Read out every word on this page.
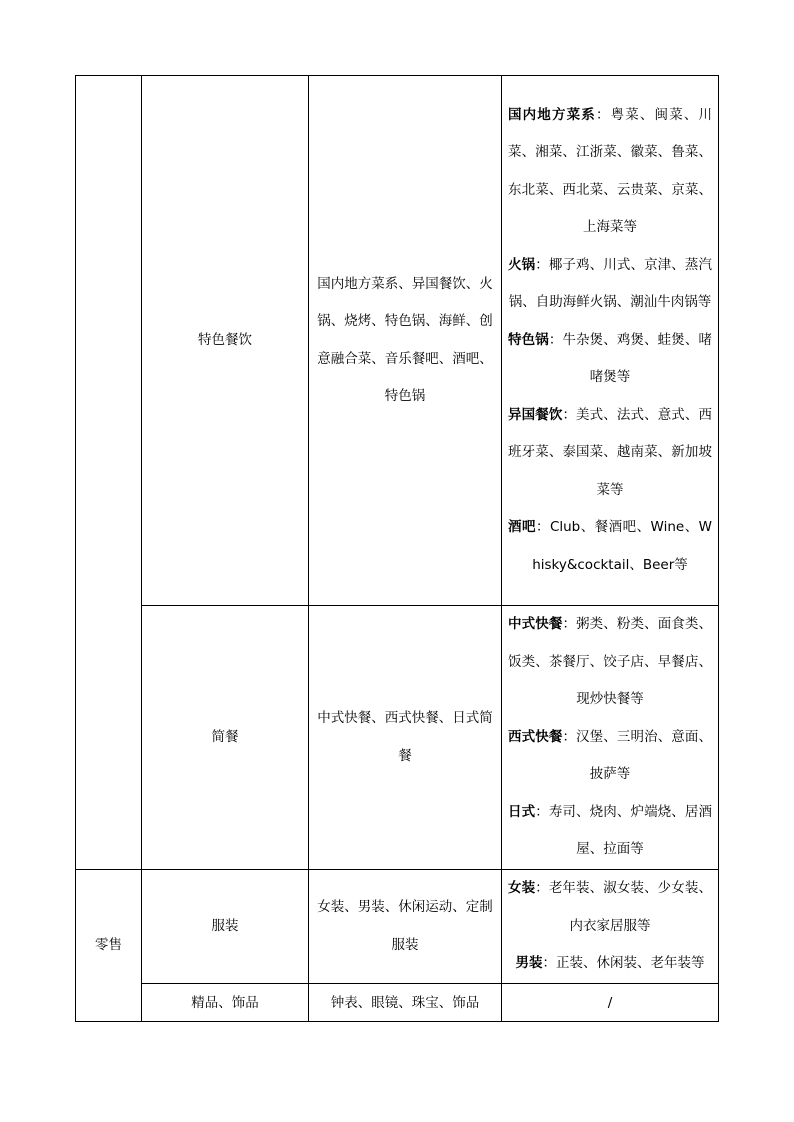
	特色餐饮	国内地方菜系、异国餐饮、火锅、烧烤、特色锅、海鲜、创意融合菜、音乐餐吧、酒吧、特色锅	国内地方菜系：粤菜、闽菜、川菜、湘菜、江浙菜、徽菜、鲁菜、东北菜、西北菜、云贵菜、京菜、上海菜等

火锅：椰子鸡、川式、京津、蒸汽锅、自助海鲜火锅、潮汕牛肉锅等

特色锅：牛杂煲、鸡煲、蛙煲、啫啫煲等

异国餐饮：美式、法式、意式、西班牙菜、泰国菜、越南菜、新加坡菜等

酒吧：Club、餐酒吧、Wine、Whisky&cocktail、Beer等

	简餐	中式快餐、西式快餐、日式简餐	中式快餐：粥类、粉类、面食类、饭类、茶餐厅、饺子店、早餐店、现炒快餐等

西式快餐：汉堡、三明治、意面、披萨等

日式：寿司、烧肉、炉端烧、居酒屋、拉面等

零售	服装	女装、男装、休闲运动、定制服装	女装：老年装、淑女装、少女装、内衣家居服等

男装：正装、休闲装、老年装等

	精品、饰品	钟表、眼镜、珠宝、饰品	/
